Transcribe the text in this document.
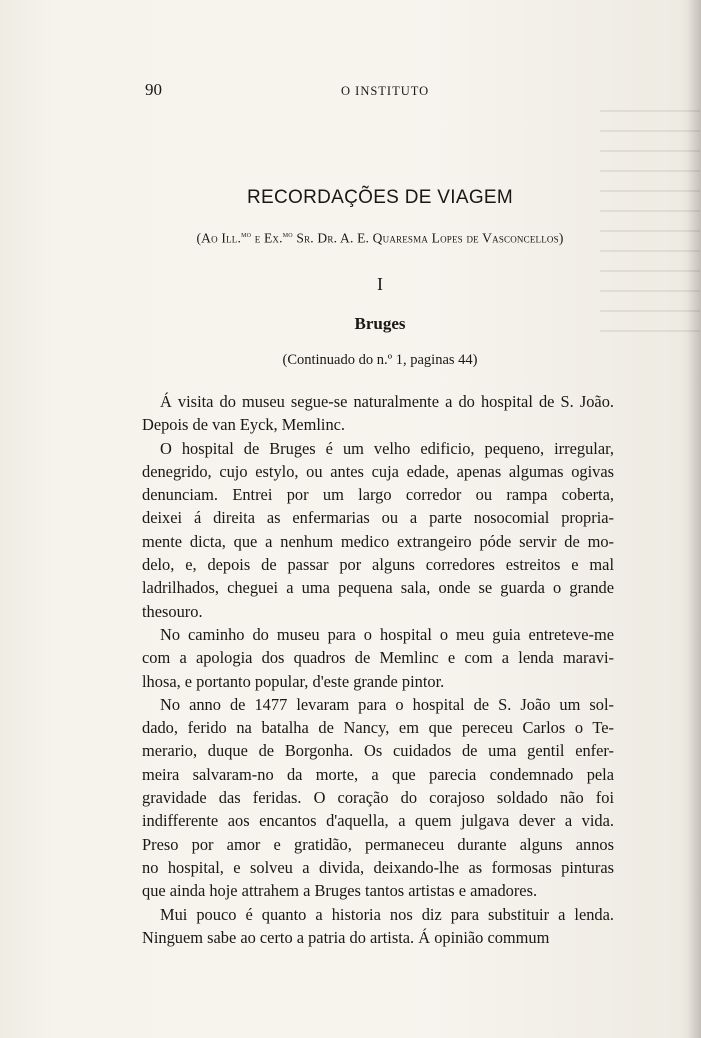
90	O INSTITUTO
RECORDAÇÕES DE VIAGEM
(Ao Ill.$^{mo}$ e Ex.$^{mo}$ Sr. Dr. A. E. Quaresma Lopes de Vasconcellos)
I
Bruges
(Continuado do n.º 1, paginas 44)
Á visita do museu segue-se naturalmente a do hospital de S. João.
Depois de van Eyck, Memlinc.
O hospital de Bruges é um velho edificio, pequeno, irregular,
denegrido, cujo estylo, ou antes cuja edade, apenas algumas ogivas
denunciam. Entrei por um largo corredor ou rampa coberta,
deixei á direita as enfermarias ou a parte nosocomial propria-
mente dicta, que a nenhum medico extrangeiro póde servir de mo-
delo, e, depois de passar por alguns corredores estreitos e mal
ladrilhados, cheguei a uma pequena sala, onde se guarda o grande
thesouro.
No caminho do museu para o hospital o meu guia entreteve-me
com a apologia dos quadros de Memlinc e com a lenda maravi-
lhosa, e portanto popular, d'este grande pintor.
No anno de 1477 levaram para o hospital de S. João um sol-
dado, ferido na batalha de Nancy, em que pereceu Carlos o Te-
merario, duque de Borgonha. Os cuidados de uma gentil enfer-
meira salvaram-no da morte, a que parecia condemnado pela
gravidade das feridas. O coração do corajoso soldado não foi
indifferente aos encantos d'aquella, a quem julgava dever a vida.
Preso por amor e gratidão, permaneceu durante alguns annos
no hospital, e solveu a divida, deixando-lhe as formosas pinturas
que ainda hoje attrahem a Bruges tantos artistas e amadores.
Mui pouco é quanto a historia nos diz para substituir a lenda.
Ninguem sabe ao certo a patria do artista. Á opinião commum
